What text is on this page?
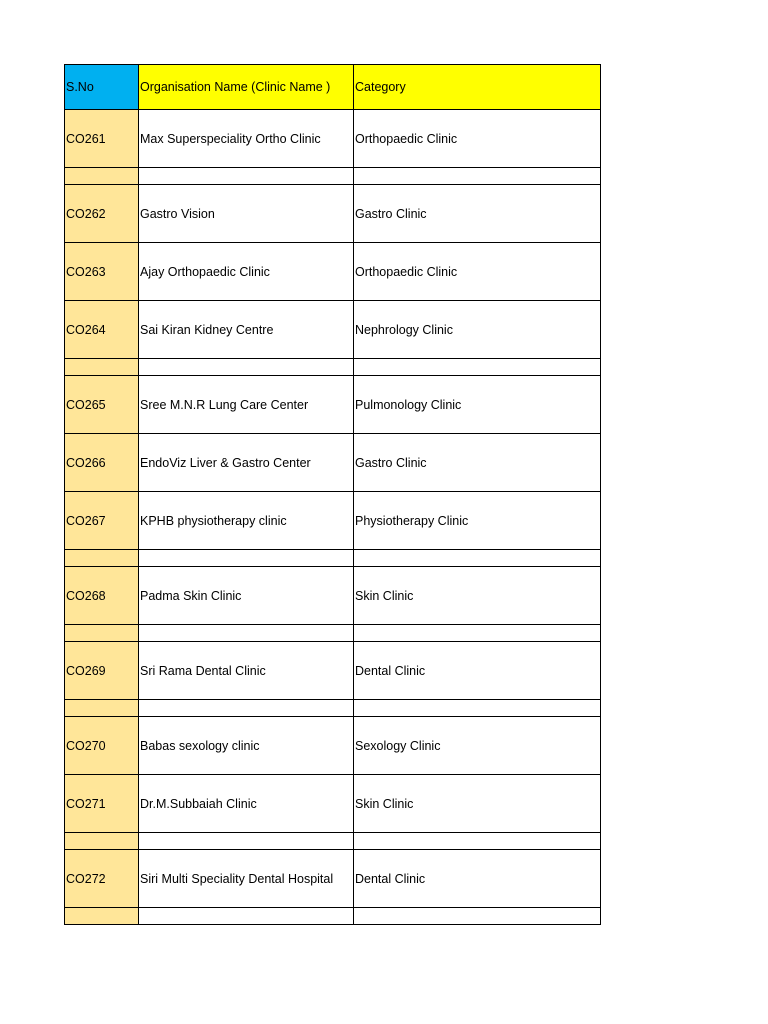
S.No	Organisation Name (Clinic Name )	Category
CO261	Max Superspeciality Ortho Clinic	Orthopaedic Clinic

CO262	Gastro Vision	Gastro Clinic
CO263	Ajay Orthopaedic Clinic	Orthopaedic Clinic
CO264	Sai Kiran Kidney Centre	Nephrology Clinic

CO265	Sree M.N.R Lung Care Center	Pulmonology Clinic
CO266	EndoViz Liver & Gastro Center	Gastro Clinic
CO267	KPHB physiotherapy clinic	Physiotherapy Clinic

CO268	Padma Skin Clinic	Skin Clinic

CO269	Sri Rama Dental Clinic	Dental Clinic

CO270	Babas sexology clinic	Sexology Clinic
CO271	Dr.M.Subbaiah Clinic	Skin Clinic

CO272	Siri Multi Speciality Dental Hospital	Dental Clinic
